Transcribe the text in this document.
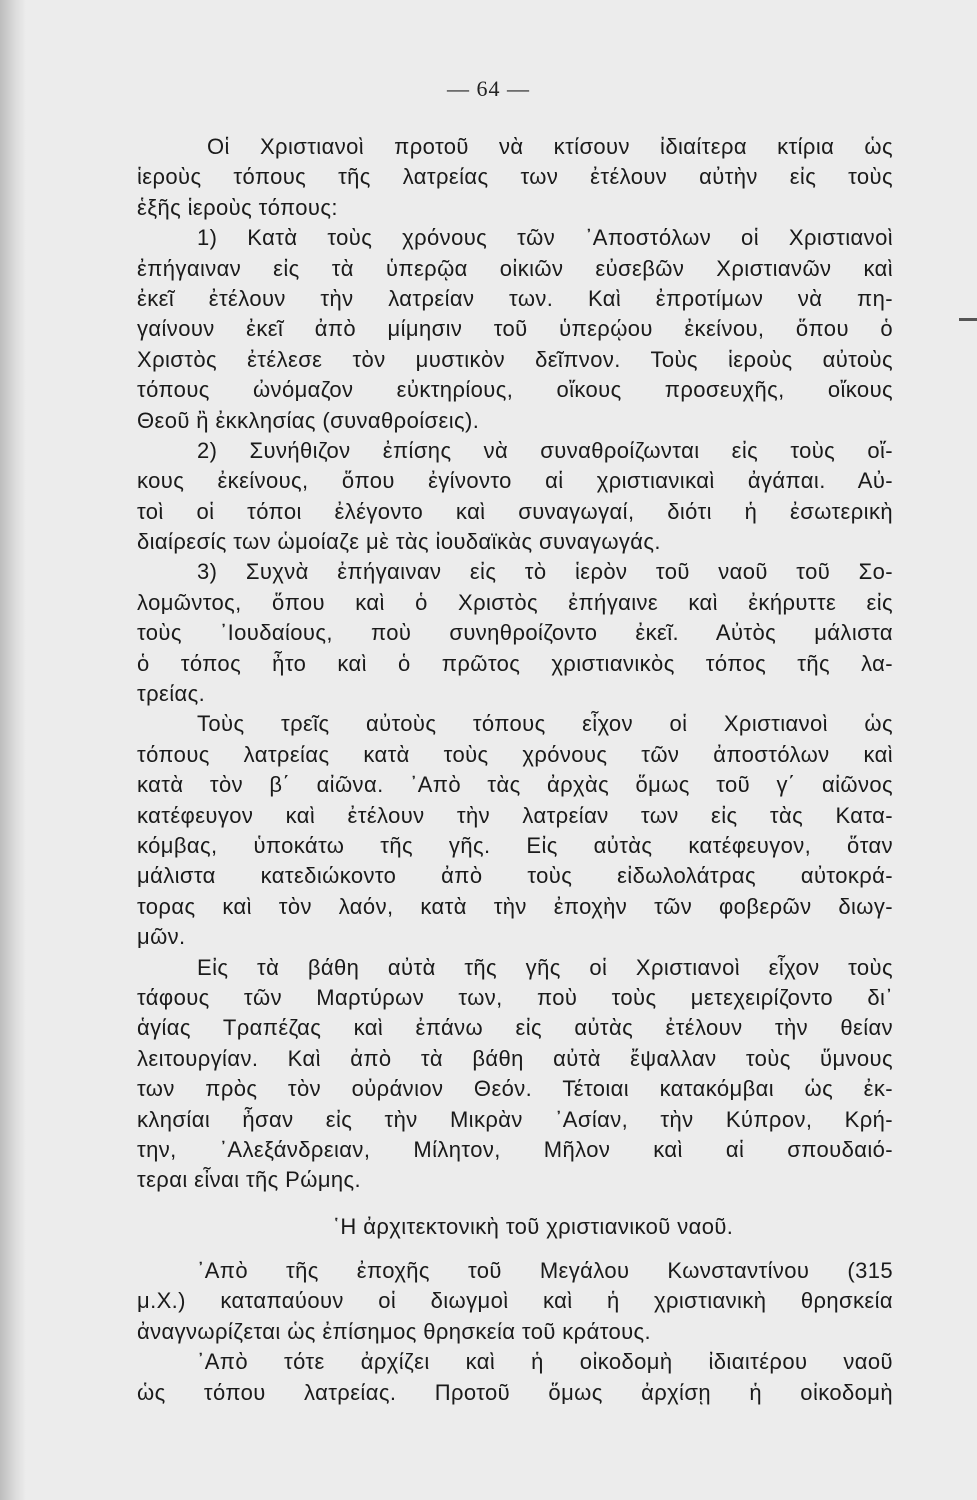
— 64 —
Οἱ Χριστιανοὶ προτοῦ νὰ κτίσουν ἰδιαίτερα κτίρια ὡς
ἱεροὺς τόπους τῆς λατρείας των ἐτέλουν αὐτὴν εἰς τοὺς
ἑξῆς ἱεροὺς τόπους:
1) Κατὰ τοὺς χρόνους τῶν ᾿Αποστόλων οἱ Χριστιανοὶ
ἐπήγαιναν εἰς τὰ ὑπερῷα οἰκιῶν εὐσεβῶν Χριστιανῶν καὶ
ἐκεῖ ἐτέλουν τὴν λατρείαν των. Καὶ ἐπροτίμων νὰ πη-
γαίνουν ἐκεῖ ἀπὸ μίμησιν τοῦ ὑπερῴου ἐκείνου, ὅπου ὁ
Χριστὸς ἐτέλεσε τὸν μυστικὸν δεῖπνον. Τοὺς ἱεροὺς αὐτοὺς
τόπους ὠνόμαζον εὐκτηρίους, οἴκους προσευχῆς, οἴκους
Θεοῦ ἢ ἐκκλησίας (συναθροίσεις).
2) Συνήθιζον ἐπίσης νὰ συναθροίζωνται εἰς τοὺς οἴ-
κους ἐκείνους, ὅπου ἐγίνοντο αἱ χριστιανικαὶ ἀγάπαι. Αὐ-
τοὶ οἱ τόποι ἐλέγοντο καὶ συναγωγαί, διότι ἡ ἐσωτερικὴ
διαίρεσίς των ὡμοίαζε μὲ τὰς ἰουδαϊκὰς συναγωγάς.
3) Συχνὰ ἐπήγαιναν εἰς τὸ ἱερὸν τοῦ ναοῦ τοῦ Σο-
λομῶντος, ὅπου καὶ ὁ Χριστὸς ἐπήγαινε καὶ ἐκήρυττε εἰς
τοὺς ᾿Ιουδαίους, ποὺ συνηθροίζοντο ἐκεῖ. Αὐτὸς μάλιστα
ὁ τόπος ἦτο καὶ ὁ πρῶτος χριστιανικὸς τόπος τῆς λα-
τρείας.
Τοὺς τρεῖς αὐτοὺς τόπους εἶχον οἱ Χριστιανοὶ ὡς
τόπους λατρείας κατὰ τοὺς χρόνους τῶν ἀποστόλων καὶ
κατὰ τὸν β΄ αἰῶνα. ᾿Απὸ τὰς ἀρχὰς ὅμως τοῦ γ΄ αἰῶνος
κατέφευγον καὶ ἐτέλουν τὴν λατρείαν των εἰς τὰς Κατα-
κόμβας, ὑποκάτω τῆς γῆς. Εἰς αὐτὰς κατέφευγον, ὅταν
μάλιστα κατεδιώκοντο ἀπὸ τοὺς εἰδωλολάτρας αὐτοκρά-
τορας καὶ τὸν λαόν, κατὰ τὴν ἐποχὴν τῶν φοβερῶν διωγ-
μῶν.
Εἰς τὰ βάθη αὐτὰ τῆς γῆς οἱ Χριστιανοὶ εἶχον τοὺς
τάφους τῶν Μαρτύρων των, ποὺ τοὺς μετεχειρίζοντο δι᾿
ἁγίας Τραπέζας καὶ ἐπάνω εἰς αὐτὰς ἐτέλουν τὴν θείαν
λειτουργίαν. Καὶ ἀπὸ τὰ βάθη αὐτὰ ἔψαλλαν τοὺς ὕμνους
των πρὸς τὸν οὐράνιον Θεόν. Τέτοιαι κατακόμβαι ὡς ἐκ-
κλησίαι ἦσαν εἰς τὴν Μικρὰν ᾿Ασίαν, τὴν Κύπρον, Κρή-
την, ᾿Αλεξάνδρειαν, Μίλητον, Μῆλον καὶ αἱ σπουδαιό-
τεραι εἶναι τῆς Ρώμης.
῾Η ἀρχιτεκτονικὴ τοῦ χριστιανικοῦ ναοῦ.
᾿Απὸ τῆς ἐποχῆς τοῦ Μεγάλου Κωνσταντίνου (315
μ.Χ.) καταπαύουν οἱ διωγμοὶ καὶ ἡ χριστιανικὴ θρησκεία
ἀναγνωρίζεται ὡς ἐπίσημος θρησκεία τοῦ κράτους.
᾿Απὸ τότε ἀρχίζει καὶ ἡ οἰκοδομὴ ἰδιαιτέρου ναοῦ
ὡς τόπου λατρείας. Προτοῦ ὅμως ἀρχίσῃ ἡ οἰκοδομὴ
